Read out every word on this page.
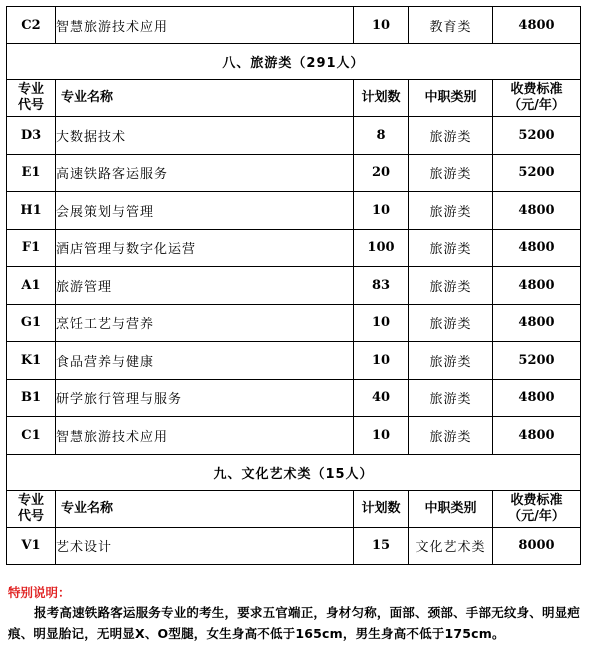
C2	智慧旅游技术应用	10	教育类	4800
八、旅游类（291人）				
专业
代号	专业名称	计划数	中职类别	收费标准
（元/年）
D3	大数据技术	8	旅游类	5200
E1	高速铁路客运服务	20	旅游类	5200
H1	会展策划与管理	10	旅游类	4800
F1	酒店管理与数字化运营	100	旅游类	4800
A1	旅游管理	83	旅游类	4800
G1	烹饪工艺与营养	10	旅游类	4800
K1	食品营养与健康	10	旅游类	5200
B1	研学旅行管理与服务	40	旅游类	4800
C1	智慧旅游技术应用	10	旅游类	4800
九、文化艺术类（15人）				
专业
代号	专业名称	计划数	中职类别	收费标准
（元/年）
V1	艺术设计	15	文化艺术类	8000

特别说明：

报考高速铁路客运服务专业的考生，要求五官端正，身材匀称，面部、颈部、手部无纹身、明显疤痕、明显胎记，无明显X、O型腿，女生身高不低于165cm，男生身高不低于175cm。
